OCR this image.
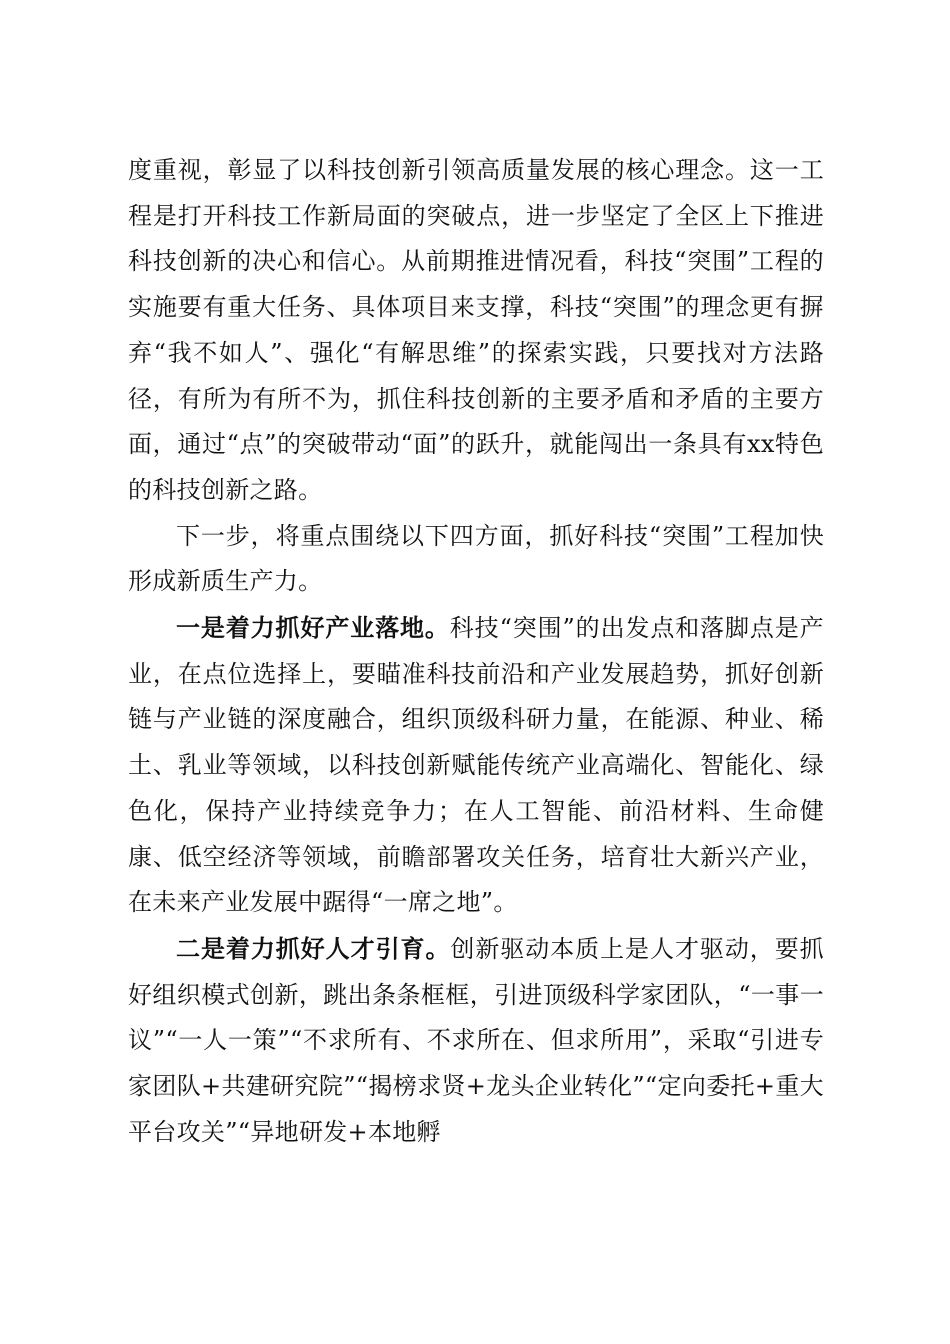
度重视，彰显了以科技创新引领高质量发展的核心理念。这一工程是打开科技工作新局面的突破点，进一步坚定了全区上下推进科技创新的决心和信心。从前期推进情况看，科技“突围”工程的实施要有重大任务、具体项目来支撑，科技“突围”的理念更有摒弃“我不如人”、强化“有解思维”的探索实践，只要找对方法路径，有所为有所不为，抓住科技创新的主要矛盾和矛盾的主要方面，通过“点”的突破带动“面”的跃升，就能闯出一条具有xx特色的科技创新之路。

下一步，将重点围绕以下四方面，抓好科技“突围”工程加快形成新质生产力。

一是着力抓好产业落地。科技“突围”的出发点和落脚点是产业，在点位选择上，要瞄准科技前沿和产业发展趋势，抓好创新链与产业链的深度融合，组织顶级科研力量，在能源、种业、稀土、乳业等领域，以科技创新赋能传统产业高端化、智能化、绿色化，保持产业持续竞争力；在人工智能、前沿材料、生命健康、低空经济等领域，前瞻部署攻关任务，培育壮大新兴产业，在未来产业发展中踞得“一席之地”。

二是着力抓好人才引育。创新驱动本质上是人才驱动，要抓好组织模式创新，跳出条条框框，引进顶级科学家团队，“一事一议”“一人一策”“不求所有、不求所在、但求所用”，采取“引进专家团队+共建研究院”“揭榜求贤+龙头企业转化”“定向委托+重大平台攻关”“异地研发+本地孵
